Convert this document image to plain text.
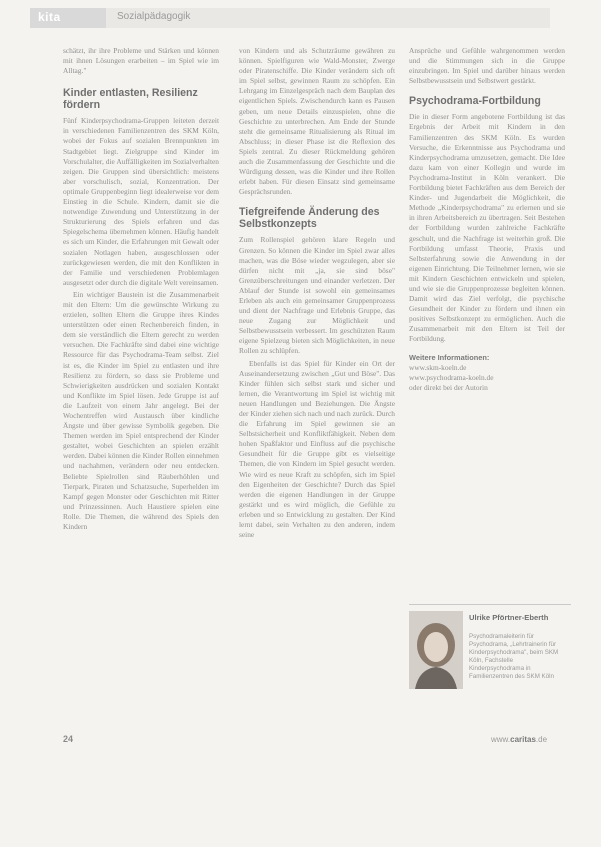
kita	Sozialpädagogik

schätzt, ihr ihre Probleme und Stärken und können mit ihnen Lösungen erarbeiten – im Spiel wie im Alltag."

Kinder entlasten, Resilienz fördern

Fünf Kinderpsychodrama-Gruppen leiteten derzeit in verschiedenen Familienzentren des SKM Köln, wobei der Fokus auf sozialen Brennpunkten im Stadtgebiet liegt. Zielgruppe sind Kinder im Vorschulalter, die Auffälligkeiten im Sozialverhalten zeigen. Die Gruppen sind übersichtlich: meistens aber vorschulisch, sozial, Konzentration. Der optimale Gruppenbeginn liegt idealerweise vor dem Einstieg in die Schule. Kindern, damit sie die notwendige Zuwendung und Unterstützung in der Strukturierung des Spiels erfahren und das Spiegelschema übernehmen können. Häufig handelt es sich um Kinder, die Erfahrungen mit Gewalt oder sozialen Notlagen haben, ausgeschlossen oder zurückgewiesen werden, die mit den Konflikten in der Familie und verschiedenen Problemlagen ausgesetzt oder durch die digitale Welt vereinsamen.

Ein wichtiger Baustein ist die Zusammenarbeit mit den Eltern: Um die gewünschte Wirkung zu erzielen, sollten Eltern die Gruppe ihres Kindes unterstützen oder einen Rechenbereich finden, in dem sie verständlich die Eltern gerecht zu werden versuchen. Die Fachkräfte sind dabei eine wichtige Ressource für das Psychodrama-Team selbst. Ziel ist es, die Kinder im Spiel zu entlasten und ihre Resilienz zu fördern, so dass sie Probleme und Schwierigkeiten ausdrücken und sozialen Kontakt und Konflikte im Spiel lösen. Jede Gruppe ist auf die Laufzeit von einem Jahr angelegt. Bei der Wochentreffen wird Austausch über kindliche Ängste und über gewisse Symbolik gegeben. Die Themen werden im Spiel entsprechend der Kinder gestaltet, wobei Geschichten an spielen erzählt werden. Dabei können die Kinder Rollen einnehmen und nachahmen, verändern oder neu entdecken. Beliebte Spielrollen sind Räuberhöhlen und Tierpark, Piraten und Schatzsuche, Superhelden im Kampf gegen Monster oder Geschichten mit Ritter und Prinzessinnen. Auch Haustiere spielen eine Rolle. Die Themen, die während des Spiels den Kindern

von Kindern und als Schutzräume gewähren zu können. Spielfiguren wie Wald-Monster, Zwerge oder Piratenschiffe. Die Kinder verändern sich oft im Spiel selbst, gewinnen Raum zu schöpfen. Ein Lehrgang im Einzelgespräch nach dem Bauplan des eigentlichen Spiels. Zwischendurch kann es Pausen geben, um neue Details einzuspielen, ohne die Geschichte zu unterbrechen. Am Ende der Stunde steht die gemeinsame Ritualisierung als Ritual im Abschluss; in dieser Phase ist die Reflexion des Spiels zentral. Zu dieser Rückmeldung gehören auch die Zusammenfassung der Geschichte und die Würdigung dessen, was die Kinder und ihre Rollen erlebt haben. Für diesen Einsatz sind gemeinsame Gesprächsrunden.

Tiefgreifende Änderung des Selbstkonzepts

Zum Rollenspiel gehören klare Regeln und Grenzen. So können die Kinder im Spiel zwar alles machen, was die Böse wieder wegzulegen, aber sie dürfen nicht mit „ja, sie sind böse" Grenzüberschreitungen und einander verletzen. Der Ablauf der Stunde ist sowohl ein gemeinsames Erleben als auch ein gemeinsamer Gruppenprozess und dient der Nachfrage und Erlebnis Gruppe, das neue Zugang zur Möglichkeit und Selbstbewusstsein verbessert. Im geschützten Raum eigene Spielzeug bieten sich Möglichkeiten, in neue Rollen zu schlüpfen.

Ebenfalls ist das Spiel für Kinder ein Ort der Auseinandersetzung zwischen „Gut und Böse". Das Kinder fühlen sich selbst stark und sicher und lernen, die Verantwortung im Spiel ist wichtig mit neuen Handlungen und Beziehungen. Die Ängste der Kinder ziehen sich nach und nach zurück. Durch die Erfahrung im Spiel gewinnen sie an Selbstsicherheit und Konfliktfähigkeit. Neben dem hohen Spaßfaktor und Einfluss auf die psychische Gesundheit für die Gruppe gibt es vielseitige Themen, die von Kindern im Spiel gesucht werden. Wie wird es neue Kraft zu schöpfen, sich im Spiel den Eigenheiten der Geschichte? Durch das Spiel werden die eigenen Handlungen in der Gruppe gestärkt und es wird möglich, die Gefühle zu erleben und so Entwicklung zu gestalten. Der Kind lernt dabei, sein Verhalten zu den anderen, indem seine

Ansprüche und Gefühle wahrgenommen werden und die Stimmungen sich in die Gruppe einzubringen. Im Spiel und darüber hinaus werden Selbstbewusstsein und Selbstwert gestärkt.

Psychodrama-Fortbildung

Die in dieser Form angebotene Fortbildung ist das Ergebnis der Arbeit mit Kindern in den Familienzentren des SKM Köln. Es wurden Versuche, die Erkenntnisse aus Psychodrama und Kinderpsychodrama umzusetzen, gemacht. Die Idee dazu kam von einer Kollegin und wurde im Psychodrama-Institut in Köln verankert. Die Fortbildung bietet Fachkräften aus dem Bereich der Kinder- und Jugendarbeit die Möglichkeit, die Methode „Kinderpsychodrama" zu erlernen und sie in ihren Arbeitsbereich zu übertragen. Seit Bestehen der Fortbildung wurden zahlreiche Fachkräfte geschult, und die Nachfrage ist weiterhin groß. Die Fortbildung umfasst Theorie, Praxis und Selbsterfahrung sowie die Anwendung in der eigenen Einrichtung. Die Teilnehmer lernen, wie sie mit Kindern Geschichten entwickeln und spielen, und wie sie die Gruppenprozesse begleiten können. Damit wird das Ziel verfolgt, die psychische Gesundheit der Kinder zu fördern und ihnen ein positives Selbstkonzept zu ermöglichen. Auch die Zusammenarbeit mit den Eltern ist Teil der Fortbildung.

Weitere Informationen:
www.skm-koeln.de
www.psychodrama-koeln.de
oder direkt bei der Autorin
Ulrike Pförtner-Eberth
Psychodramaleiterin für Psychodrama, „Lehrtrainerin für Kinderpsychodrama", beim SKM Köln, Fachstelle Kinderpsychodrama in Familienzentren des SKM Köln
24	www.caritas.de
